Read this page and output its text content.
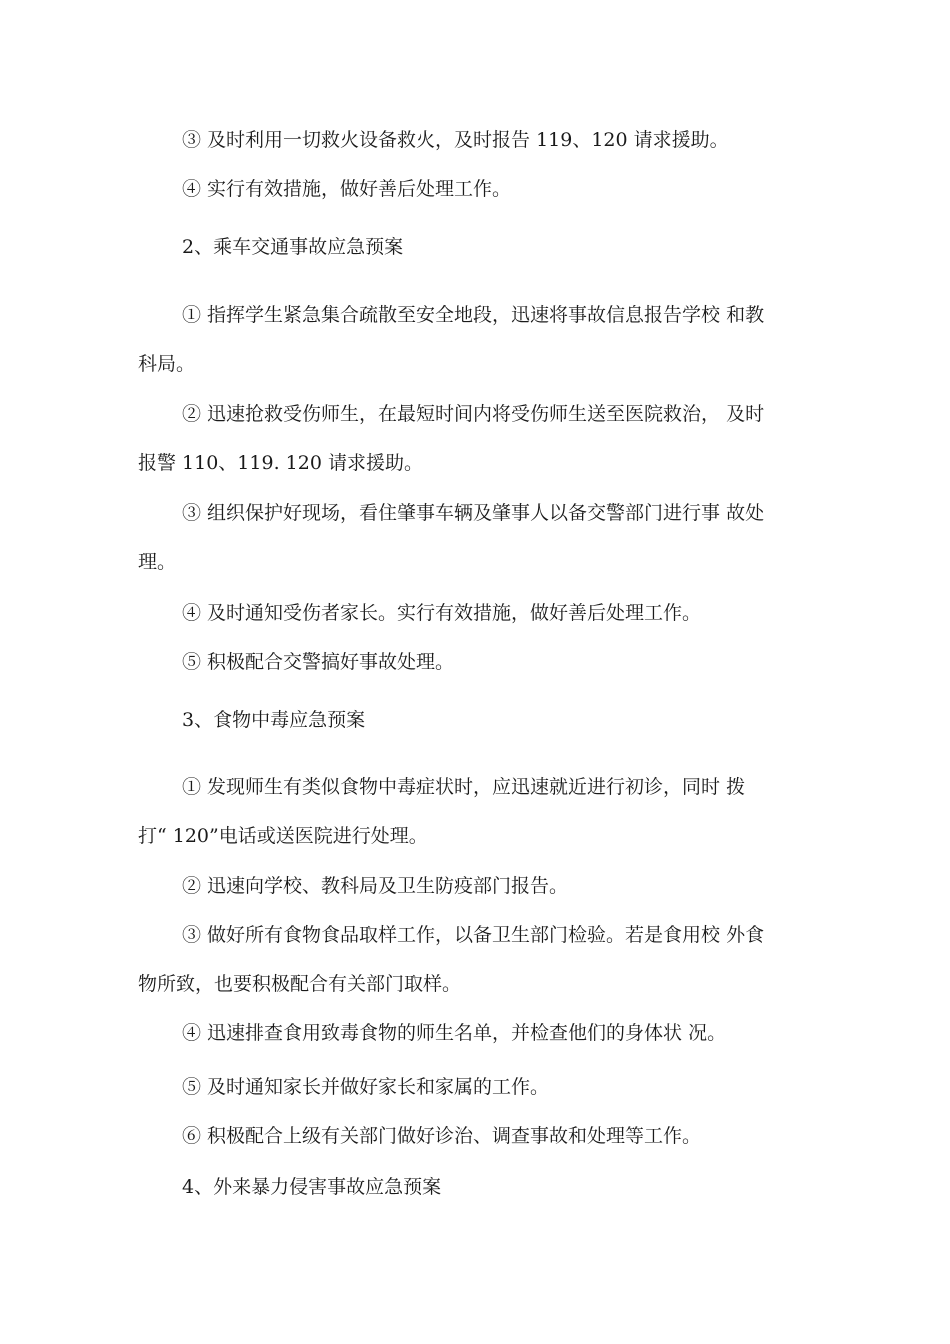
③ 及时利用一切救火设备救火，及时报告 119、120 请求援助。
④ 实行有效措施，做好善后处理工作。
2、乘车交通事故应急预案
① 指挥学生紧急集合疏散至安全地段，迅速将事故信息报告学校 和教
科局。
② 迅速抢救受伤师生，在最短时间内将受伤师生送至医院救治， 及时
报警 110、119. 120 请求援助。
③ 组织保护好现场，看住肇事车辆及肇事人以备交警部门进行事 故处
理。
④ 及时通知受伤者家长。实行有效措施，做好善后处理工作。
⑤ 积极配合交警搞好事故处理。
3、食物中毒应急预案
① 发现师生有类似食物中毒症状时，应迅速就近进行初诊，同时 拨
打“ 120”电话或送医院进行处理。
② 迅速向学校、教科局及卫生防疫部门报告。
③ 做好所有食物食品取样工作，以备卫生部门检验。若是食用校 外食
物所致，也要积极配合有关部门取样。
④ 迅速排查食用致毒食物的师生名单，并检查他们的身体状 况。
⑤ 及时通知家长并做好家长和家属的工作。
⑥ 积极配合上级有关部门做好诊治、调查事故和处理等工作。
4、外来暴力侵害事故应急预案
